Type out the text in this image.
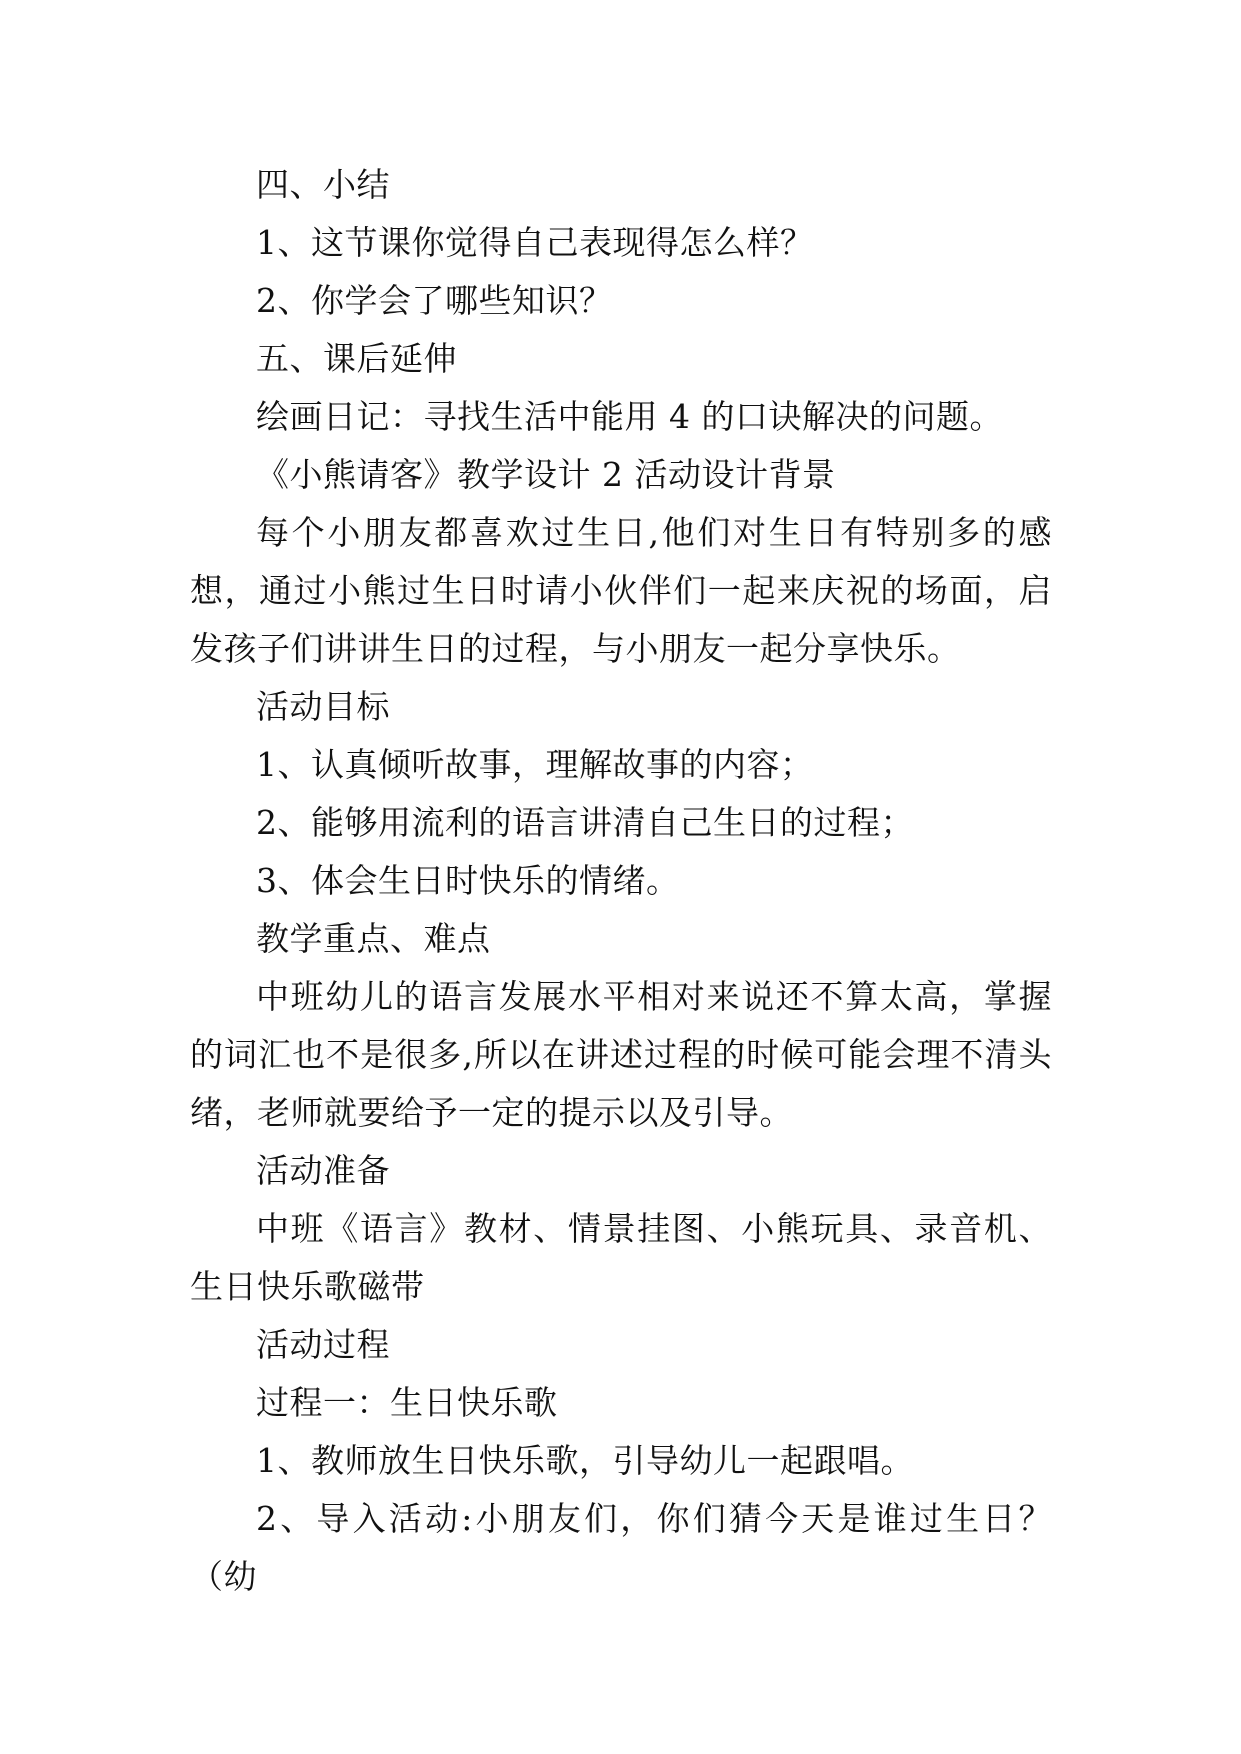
四、小结

1、这节课你觉得自己表现得怎么样？

2、你学会了哪些知识？

五、课后延伸

绘画日记：寻找生活中能用 4 的口诀解决的问题。

《小熊请客》教学设计 2 活动设计背景

每个小朋友都喜欢过生日,他们对生日有特别多的感想，通过小熊过生日时请小伙伴们一起来庆祝的场面，启发孩子们讲讲生日的过程，与小朋友一起分享快乐。

活动目标

1、认真倾听故事，理解故事的内容；

2、能够用流利的语言讲清自己生日的过程；

3、体会生日时快乐的情绪。

教学重点、难点

中班幼儿的语言发展水平相对来说还不算太高，掌握的词汇也不是很多,所以在讲述过程的时候可能会理不清头绪，老师就要给予一定的提示以及引导。

活动准备

中班《语言》教材、情景挂图、小熊玩具、录音机、生日快乐歌磁带

活动过程

过程一：生日快乐歌

1、教师放生日快乐歌，引导幼儿一起跟唱。

2、导入活动:小朋友们，你们猜今天是谁过生日？（幼
